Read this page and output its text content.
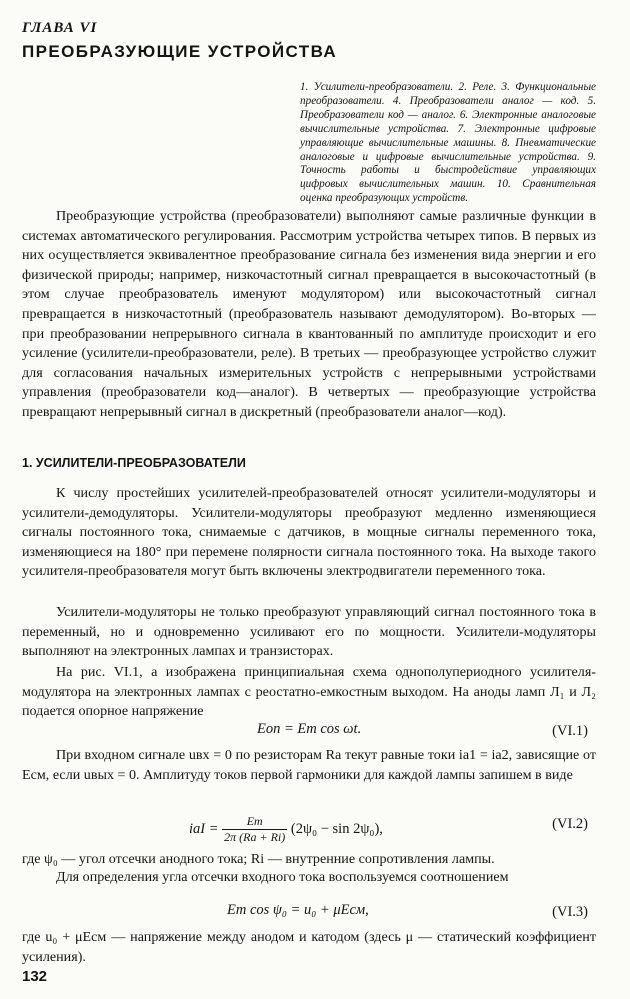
ГЛАВА VI
ПРЕОБРАЗУЮЩИЕ УСТРОЙСТВА
1. Усилители-преобразователи. 2. Реле. 3. Функциональные преобразователи. 4. Преобразователи аналог — код. 5. Преобразователи код — аналог. 6. Электронные аналоговые вычислительные устройства. 7. Электронные цифровые управляющие вычислительные машины. 8. Пневматические аналоговые и цифровые вычислительные устройства. 9. Точность работы и быстродействие управляющих цифровых вычислительных машин. 10. Сравнительная оценка преобразующих устройств.
Преобразующие устройства (преобразователи) выполняют самые различные функции в системах автоматического регулирования. Рассмотрим устройства четырех типов. В первых из них осуществляется эквивалентное преобразование сигнала без изменения вида энергии и его физической природы; например, низкочастотный сигнал превращается в высокочастотный (в этом случае преобразователь именуют модулятором) или высокочастотный сигнал превращается в низкочастотный (преобразователь называют демодулятором). Во-вторых — при преобразовании непрерывного сигнала в квантованный по амплитуде происходит и его усиление (усилители-преобразователи, реле). В третьих — преобразующее устройство служит для согласования начальных измерительных устройств с непрерывными устройствами управления (преобразователи код—аналог). В четвертых — преобразующие устройства превращают непрерывный сигнал в дискретный (преобразователи аналог—код).
1. УСИЛИТЕЛИ-ПРЕОБРАЗОВАТЕЛИ
К числу простейших усилителей-преобразователей относят усилители-модуляторы и усилители-демодуляторы. Усилители-модуляторы преобразуют медленно изменяющиеся сигналы постоянного тока, снимаемые с датчиков, в мощные сигналы переменного тока, изменяющиеся на 180° при перемене полярности сигнала постоянного тока. На выходе такого усилителя-преобразователя могут быть включены электродвигатели переменного тока.
Усилители-модуляторы не только преобразуют управляющий сигнал постоянного тока в переменный, но и одновременно усиливают его по мощности. Усилители-модуляторы выполняют на электронных лампах и транзисторах.
На рис. VI.1, а изображена принципиальная схема однополупериодного усилителя-модулятора на электронных лампах с реостатно-емкостным выходом. На аноды ламп Л₁ и Л₂ подается опорное напряжение
Eоп = Em cos ωt.	(VI.1)
При входном сигнале uвх = 0 по резисторам Ra текут равные токи iа1 = iа2, зависящие от Eсм, если uвых = 0. Амплитуду токов первой гармоники для каждой лампы запишем в виде
iаI = $\frac{Em}{2\pi (Ra + Ri)} (2\psi_0 - \sin 2\psi_0)$,	(VI.2)
где ψ₀ — угол отсечки анодного тока; Ri — внутренние сопротивления лампы.
Для определения угла отсечки входного тока воспользуемся соотношением
Em cos ψ₀ = u₀ + μEсм,	(VI.3)
где u₀ + μEсм — напряжение между анодом и катодом (здесь μ — статический коэффициент усиления).
132
